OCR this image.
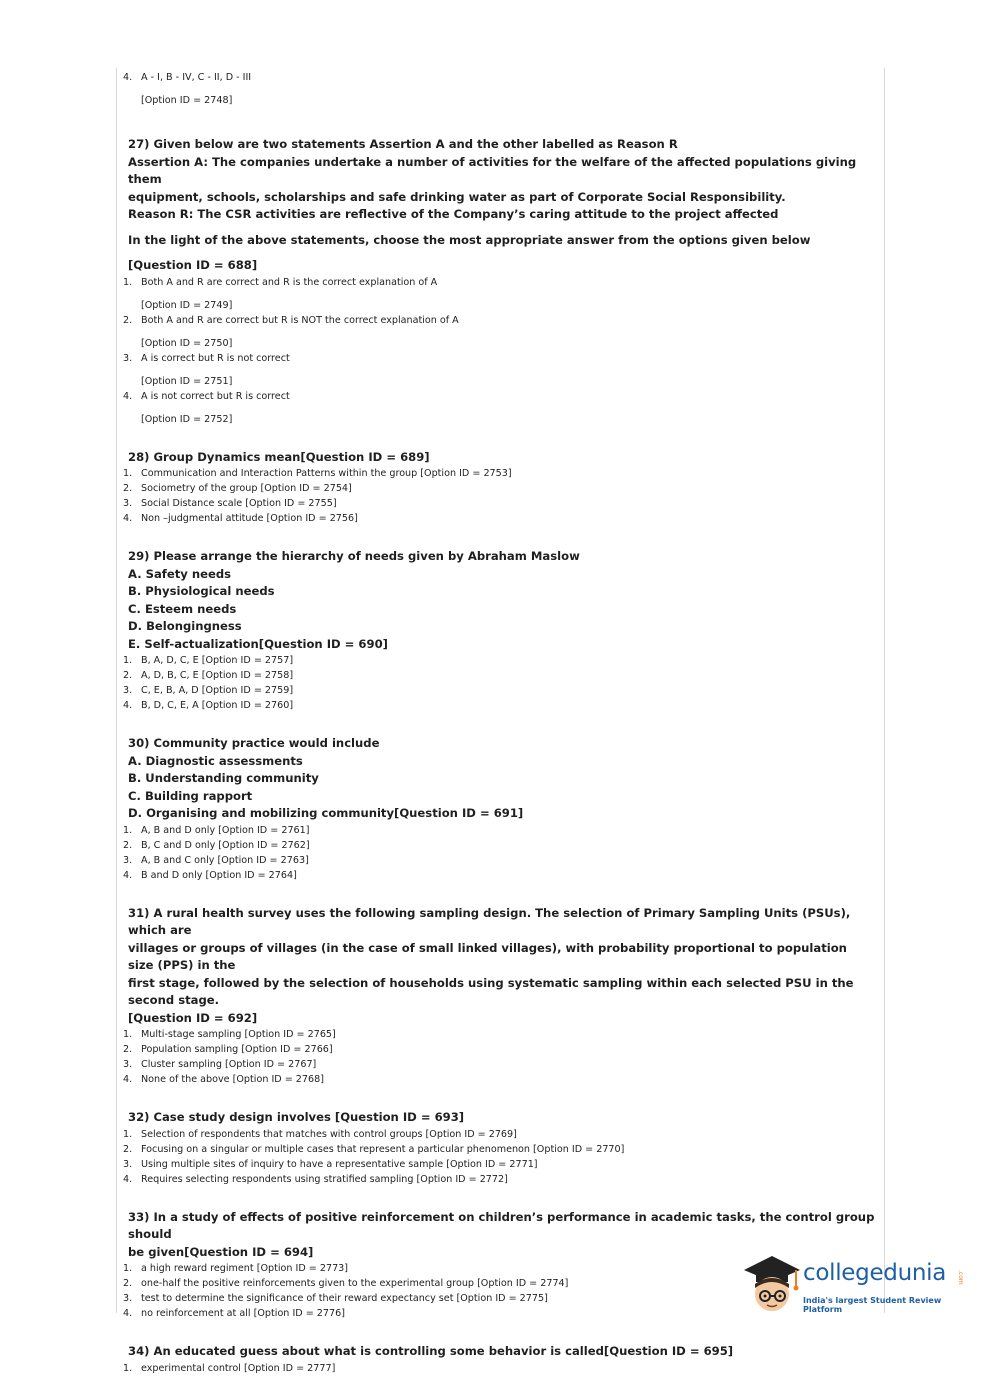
4. A - I, B - IV, C - II, D - III
[Option ID = 2748]
27) Given below are two statements Assertion A and the other labelled as Reason R
Assertion A: The companies undertake a number of activities for the welfare of the affected populations giving them
equipment, schools, scholarships and safe drinking water as part of Corporate Social Responsibility.
Reason R: The CSR activities are reflective of the Company’s caring attitude to the project affected
In the light of the above statements, choose the most appropriate answer from the options given below
[Question ID = 688]
1. Both A and R are correct and R is the correct explanation of A
[Option ID = 2749]
2. Both A and R are correct but R is NOT the correct explanation of A
[Option ID = 2750]
3. A is correct but R is not correct
[Option ID = 2751]
4. A is not correct but R is correct
[Option ID = 2752]
28) Group Dynamics mean[Question ID = 689]
1. Communication and Interaction Patterns within the group [Option ID = 2753]
2. Sociometry of the group [Option ID = 2754]
3. Social Distance scale [Option ID = 2755]
4. Non –judgmental attitude [Option ID = 2756]
29) Please arrange the hierarchy of needs given by Abraham Maslow
A. Safety needs
B. Physiological needs
C. Esteem needs
D. Belongingness
E. Self-actualization[Question ID = 690]
1. B, A, D, C, E [Option ID = 2757]
2. A, D, B, C, E [Option ID = 2758]
3. C, E, B, A, D [Option ID = 2759]
4. B, D, C, E, A [Option ID = 2760]
30) Community practice would include
A. Diagnostic assessments
B. Understanding community
C. Building rapport
D. Organising and mobilizing community[Question ID = 691]
1. A, B and D only [Option ID = 2761]
2. B, C and D only [Option ID = 2762]
3. A, B and C only [Option ID = 2763]
4. B and D only [Option ID = 2764]
31) A rural health survey uses the following sampling design. The selection of Primary Sampling Units (PSUs), which are
villages or groups of villages (in the case of small linked villages), with probability proportional to population size (PPS) in the
first stage, followed by the selection of households using systematic sampling within each selected PSU in the second stage.
[Question ID = 692]
1. Multi-stage sampling [Option ID = 2765]
2. Population sampling [Option ID = 2766]
3. Cluster sampling [Option ID = 2767]
4. None of the above [Option ID = 2768]
32) Case study design involves [Question ID = 693]
1. Selection of respondents that matches with control groups [Option ID = 2769]
2. Focusing on a singular or multiple cases that represent a particular phenomenon [Option ID = 2770]
3. Using multiple sites of inquiry to have a representative sample [Option ID = 2771]
4. Requires selecting respondents using stratified sampling [Option ID = 2772]
33) In a study of effects of positive reinforcement on children’s performance in academic tasks, the control group should
be given[Question ID = 694]
1. a high reward regiment [Option ID = 2773]
2. one-half the positive reinforcements given to the experimental group [Option ID = 2774]
3. test to determine the significance of their reward expectancy set [Option ID = 2775]
4. no reinforcement at all [Option ID = 2776]
34) An educated guess about what is controlling some behavior is called[Question ID = 695]
1. experimental control [Option ID = 2777]
collegedunia .com
India's largest Student Review Platform
